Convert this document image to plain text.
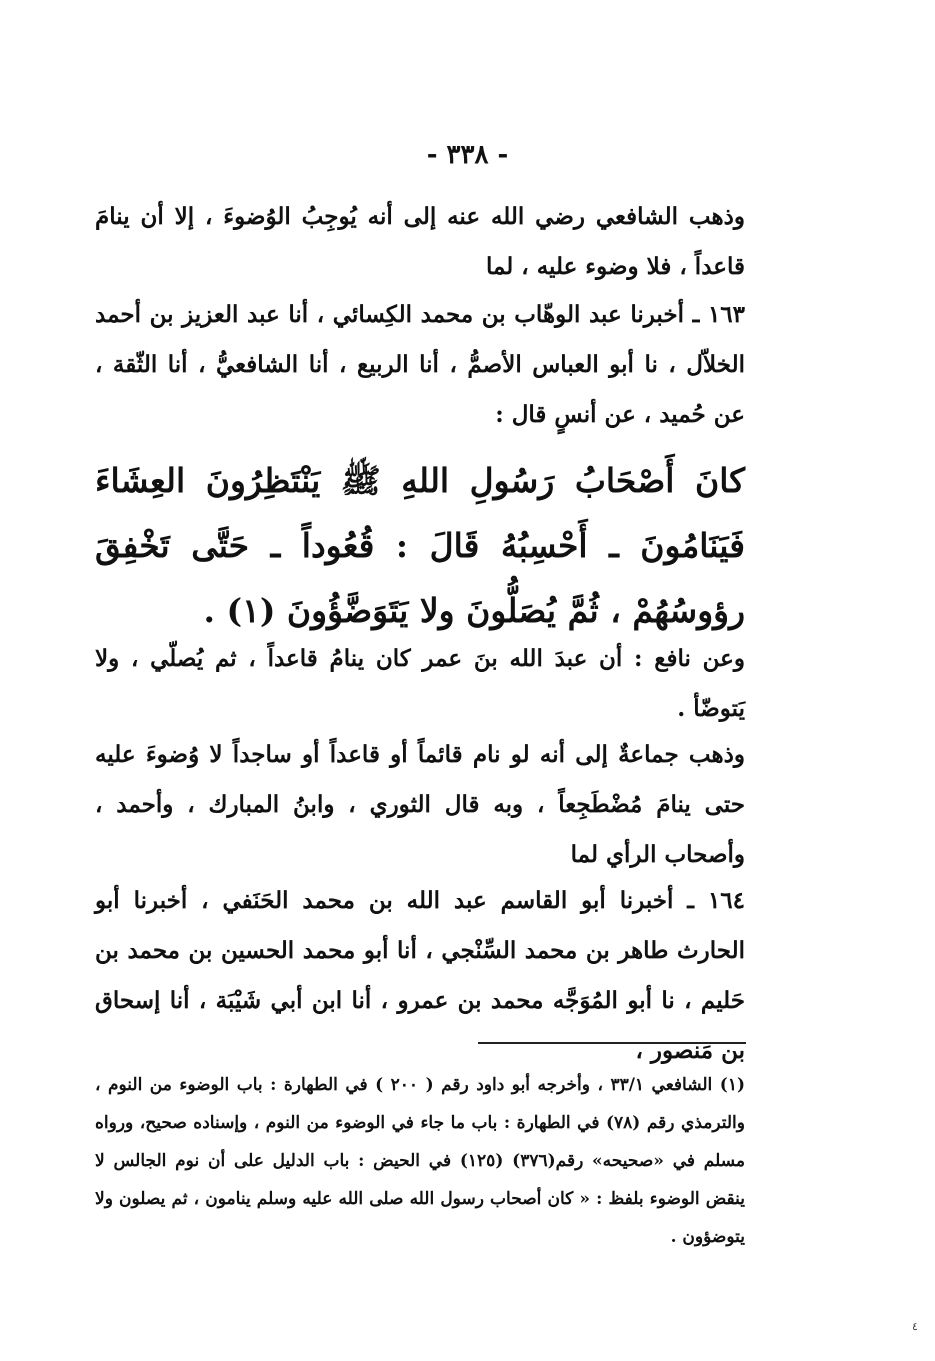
- ٣٣٨ -
وذهب الشافعي رضي الله عنه إلى أنه يُوجِبُ الوُضوءَ ، إلا أن ينامَ قاعداً ، فلا وضوء عليه ، لما
١٦٣ ـ أخبرنا عبد الوهّاب بن محمد الكِسائي ، أنا عبد العزيز بن أحمد الخلاّل ، نا أبو العباس الأصمُّ ، أنا الربيع ، أنا الشافعيُّ ، أنا الثّقة ، عن حُميد ، عن أنسٍ قال :
كانَ أَصْحَابُ رَسُولِ اللهِ ﷺ يَنْتَظِرُونَ العِشَاءَ فَيَنَامُونَ ـ أَحْسِبُهُ قَالَ : قُعُوداً ـ حَتَّى تَخْفِقَ رؤوسُهُمْ ، ثُمَّ يُصَلُّونَ ولا يَتَوَضَّؤُونَ (١) .
وعن نافع : أن عبدَ الله بنَ عمر كان ينامُ قاعداً ، ثم يُصلّي ، ولا يَتوضّأ .
وذهب جماعةٌ إلى أنه لو نام قائماً أو قاعداً أو ساجداً لا وُضوءَ عليه حتى ينامَ مُضْطَجِعاً ، وبه قال الثوري ، وابنُ المبارك ، وأحمد ، وأصحاب الرأي لما
١٦٤ ـ أخبرنا أبو القاسم عبد الله بن محمد الحَنَفي ، أخبرنا أبو الحارث طاهر بن محمد السِّنْجي ، أنا أبو محمد الحسين بن محمد بن حَليم ، نا أبو المُوَجَّه محمد بن عمرو ، أنا ابن أبي شَيْبَة ، أنا إسحاق بن مَنصور ،
(١) الشافعي ٣٣/١ ، وأخرجه أبو داود رقم ( ٢٠٠ ) في الطهارة : باب الوضوء من النوم ، والترمذي رقم (٧٨) في الطهارة : باب ما جاء في الوضوء من النوم ، وإسناده صحيح، ورواه مسلم في «صحيحه» رقم(٣٧٦) (١٢٥) في الحيض : باب الدليل على أن نوم الجالس لا ينقض الوضوء بلفظ : « كان أصحاب رسول الله صلى الله عليه وسلم ينامون ، ثم يصلون ولا يتوضؤون .
٤
